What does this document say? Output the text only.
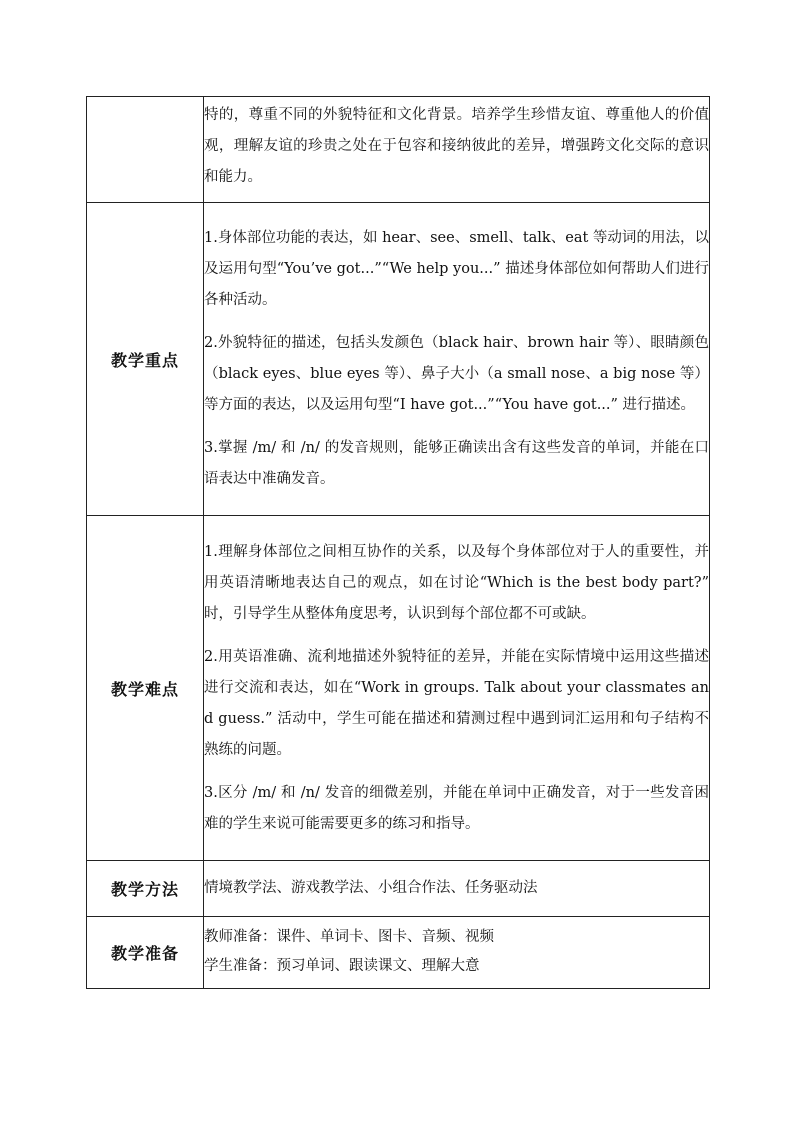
	特的，尊重不同的外貌特征和文化背景。培养学生珍惜友谊、尊重他人的价值观，理解友谊的珍贵之处在于包容和接纳彼此的差异，增强跨文化交际的意识和能力。

教学重点	1.身体部位功能的表达，如 hear、see、smell、talk、eat 等动词的用法，以及运用句型“You’ve got...”“We help you...” 描述身体部位如何帮助人们进行各种活动。

2.外貌特征的描述，包括头发颜色（black hair、brown hair 等）、眼睛颜色（black eyes、blue eyes 等）、鼻子大小（a small nose、a big nose 等）等方面的表达，以及运用句型“I have got...”“You have got...” 进行描述。

3.掌握 /m/ 和 /n/ 的发音规则，能够正确读出含有这些发音的单词，并能在口语表达中准确发音。

教学难点	1.理解身体部位之间相互协作的关系，以及每个身体部位对于人的重要性，并用英语清晰地表达自己的观点，如在讨论“Which is the best body part?” 时，引导学生从整体角度思考，认识到每个部位都不可或缺。

2.用英语准确、流利地描述外貌特征的差异，并能在实际情境中运用这些描述进行交流和表达，如在“Work in groups. Talk about your classmates and guess.” 活动中，学生可能在描述和猜测过程中遇到词汇运用和句子结构不熟练的问题。

3.区分 /m/ 和 /n/ 发音的细微差别，并能在单词中正确发音，对于一些发音困难的学生来说可能需要更多的练习和指导。

教学方法	情境教学法、游戏教学法、小组合作法、任务驱动法

教学准备	教师准备：课件、单词卡、图卡、音频、视频

学生准备：预习单词、跟读课文、理解大意
